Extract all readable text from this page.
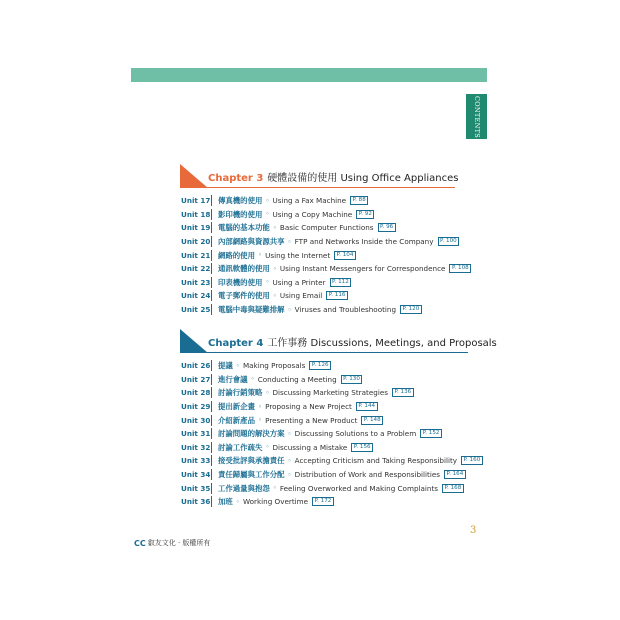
CONTENTS
Chapter 3 硬體設備的使用 Using Office Appliances
Unit 17 傳真機的使用 ◦ Using a Fax Machine	P. 88
Unit 18 影印機的使用 ◦ Using a Copy Machine	P. 92
Unit 19 電腦的基本功能 ◦ Basic Computer Functions	P. 96
Unit 20 內部網路與資源共享 ◦ FTP and Networks Inside the Company	P. 100
Unit 21 網路的使用 ◦ Using the Internet	P. 104
Unit 22 通訊軟體的使用 ◦ Using Instant Messengers for Correspondence	P. 108
Unit 23 印表機的使用 ◦ Using a Printer	P. 112
Unit 24 電子郵件的使用 ◦ Using Email	P. 116
Unit 25 電腦中毒與疑難排解 ◦ Viruses and Troubleshooting	P. 120
Chapter 4 工作事務 Discussions, Meetings, and Proposals
Unit 26 提議 ◦ Making Proposals	P. 126
Unit 27 進行會議 ◦ Conducting a Meeting	P. 130
Unit 28 討論行銷策略 ◦ Discussing Marketing Strategies	P. 136
Unit 29 提出新企畫 ◦ Proposing a New Project	P. 144
Unit 30 介紹新產品 ◦ Presenting a New Product	P. 148
Unit 31 討論問題的解決方案 ◦ Discussing Solutions to a Problem	P. 152
Unit 32 討論工作疏失 ◦ Discussing a Mistake	P. 156
Unit 33 接受批評與承擔責任 ◦ Accepting Criticism and Taking Responsibility	P. 160
Unit 34 責任歸屬與工作分配 ◦ Distribution of Work and Responsibilities	P. 164
Unit 35 工作過量與抱怨 ◦ Feeling Overworked and Making Complaints	P. 168
Unit 36 加班 ◦ Working Overtime	P. 172
3
CC 叡友文化 · 版權所有
